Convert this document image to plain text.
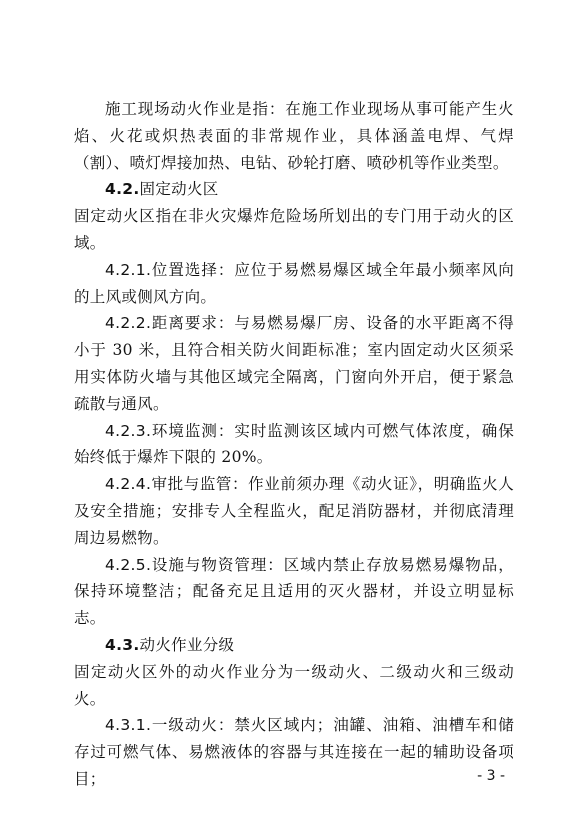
施工现场动火作业是指：在施工作业现场从事可能产生火焰、火花或炽热表面的非常规作业，具体涵盖电焊、气焊（割）、喷灯焊接加热、电钻、砂轮打磨、喷砂机等作业类型。

4.2.固定动火区

固定动火区指在非火灾爆炸危险场所划出的专门用于动火的区域。

4.2.1.位置选择：应位于易燃易爆区域全年最小频率风向的上风或侧风方向。

4.2.2.距离要求：与易燃易爆厂房、设备的水平距离不得小于 30 米，且符合相关防火间距标准；室内固定动火区须采用实体防火墙与其他区域完全隔离，门窗向外开启，便于紧急疏散与通风。

4.2.3.环境监测：实时监测该区域内可燃气体浓度，确保始终低于爆炸下限的 20%。

4.2.4.审批与监管：作业前须办理《动火证》，明确监火人及安全措施；安排专人全程监火，配足消防器材，并彻底清理周边易燃物。

4.2.5.设施与物资管理：区域内禁止存放易燃易爆物品，保持环境整洁；配备充足且适用的灭火器材，并设立明显标志。

4.3.动火作业分级

固定动火区外的动火作业分为一级动火、二级动火和三级动火。

4.3.1.一级动火：禁火区域内；油罐、油箱、油槽车和储存过可燃气体、易燃液体的容器与其连接在一起的辅助设备项目；	- 3 -
